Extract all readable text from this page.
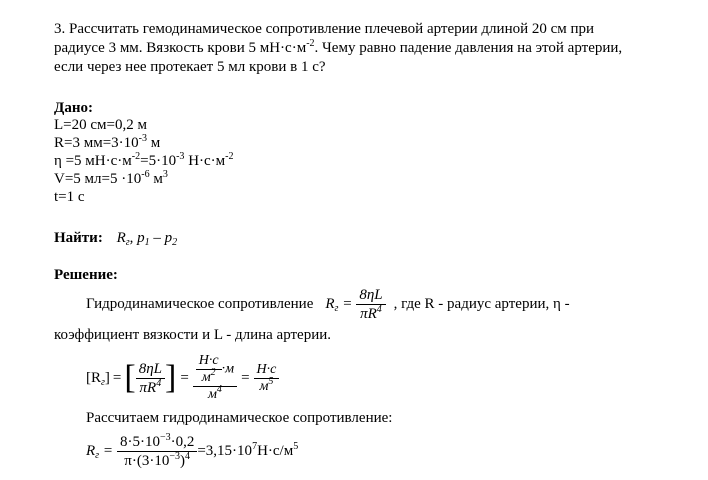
3. Рассчитать гемодинамическое сопротивление плечевой артерии длиной 20 см при
радиусе 3 мм. Вязкость крови 5 $мН\cdot с\cdot м^{-2}$. Чему равно падение давления на этой артерии,
если через нее протекает 5 мл крови в 1 с?
Дано:
L=20 см=0,2 м
R=3 $мм=3\cdot 10^{-3}$ м
η =5 $мН\cdot с\cdot м^{-2}=5\cdot 10^{-3}$ $Н\cdot с\cdot м^{-2}$
V=5 $мл=5 \cdot 10^{-6}$ $м^3$
t=1 с
Найти: $R_г$, $p_1 - p_2$
Решение:
Гидродинамическое сопротивление $R_г = \frac{8\eta L}{\pi R^4}$ , где R - радиус артерии, η -
коэффициент вязкости и L - длина артерии.
$[R_г]$ = [ $\frac{8\eta L}{\pi R^4}$ ] = $\frac{\frac{Н\cdot с}{м^2} \cdot м}{м^4} = \frac{Н\cdot с}{м^5}$
Рассчитаем гидродинамическое сопротивление:
$R_г = \frac{8\cdot 5\cdot 10^{-3}\cdot 0,2}{\pi\cdot(3\cdot 10^{-3})^4} =3,15\cdot 10^7$ $Н\cdot с/м^5$
